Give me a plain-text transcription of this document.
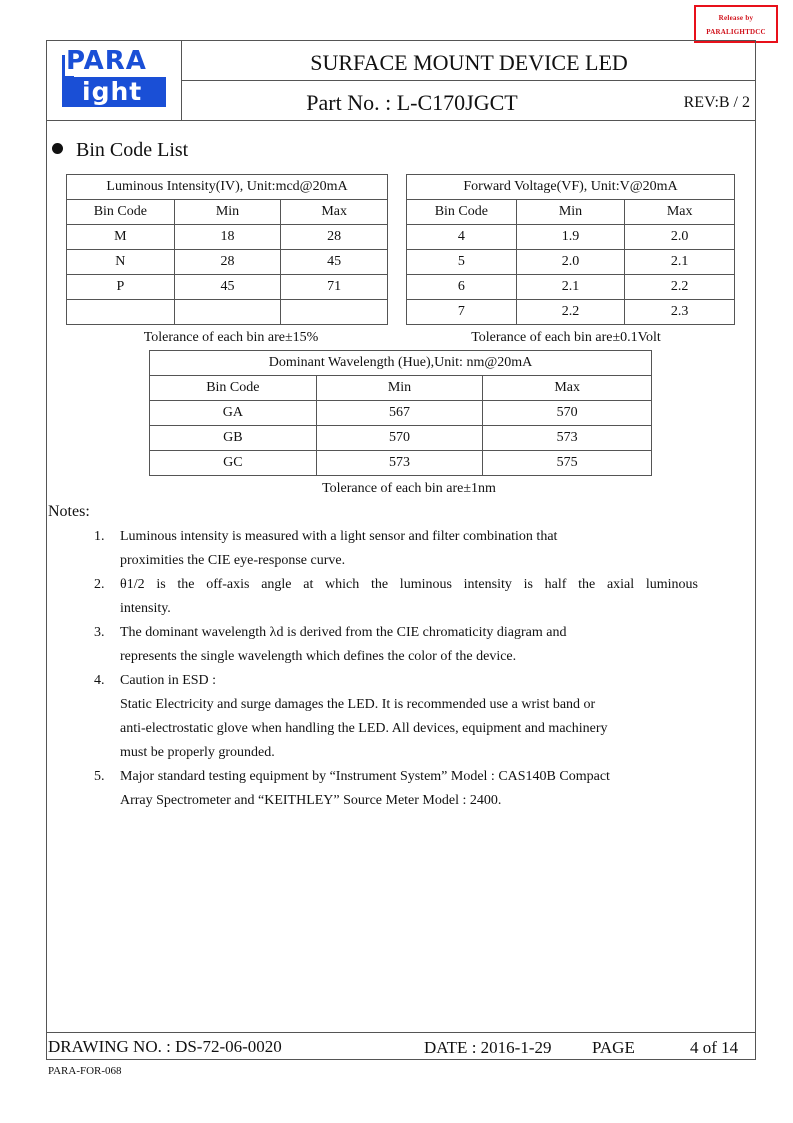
Release by
PARALIGHTDCC
PARA
ight
SURFACE MOUNT DEVICE LED
Part No. : L-C170JGCT	REV:B / 2
Bin Code List
Luminous Intensity(IV), Unit:mcd@20mA		
Bin Code	Min	Max
M	18	28
N	28	45
P	45	71

Tolerance of each bin are±15%
Forward Voltage(VF), Unit:V@20mA		
Bin Code	Min	Max
4	1.9	2.0
5	2.0	2.1
6	2.1	2.2
7	2.2	2.3
Tolerance of each bin are±0.1Volt
Dominant Wavelength (Hue),Unit: nm@20mA		
Bin Code	Min	Max
GA	567	570
GB	570	573
GC	573	575
Tolerance of each bin are±1nm
Notes:
1. Luminous intensity is measured with a light sensor and filter combination that
proximities the CIE eye-response curve.
2. θ1/2 is the off-axis angle at which the luminous intensity is half the axial luminous
intensity.
3. The dominant wavelength λd is derived from the CIE chromaticity diagram and
represents the single wavelength which defines the color of the device.
4. Caution in ESD :
Static Electricity and surge damages the LED. It is recommended use a wrist band or
anti-electrostatic glove when handling the LED. All devices, equipment and machinery
must be properly grounded.
5. Major standard testing equipment by “Instrument System” Model : CAS140B Compact
Array Spectrometer and “KEITHLEY” Source Meter Model : 2400.
DRAWING NO. : DS-72-06-0020	DATE : 2016-1-29 PAGE	4 of 14
PARA-FOR-068
